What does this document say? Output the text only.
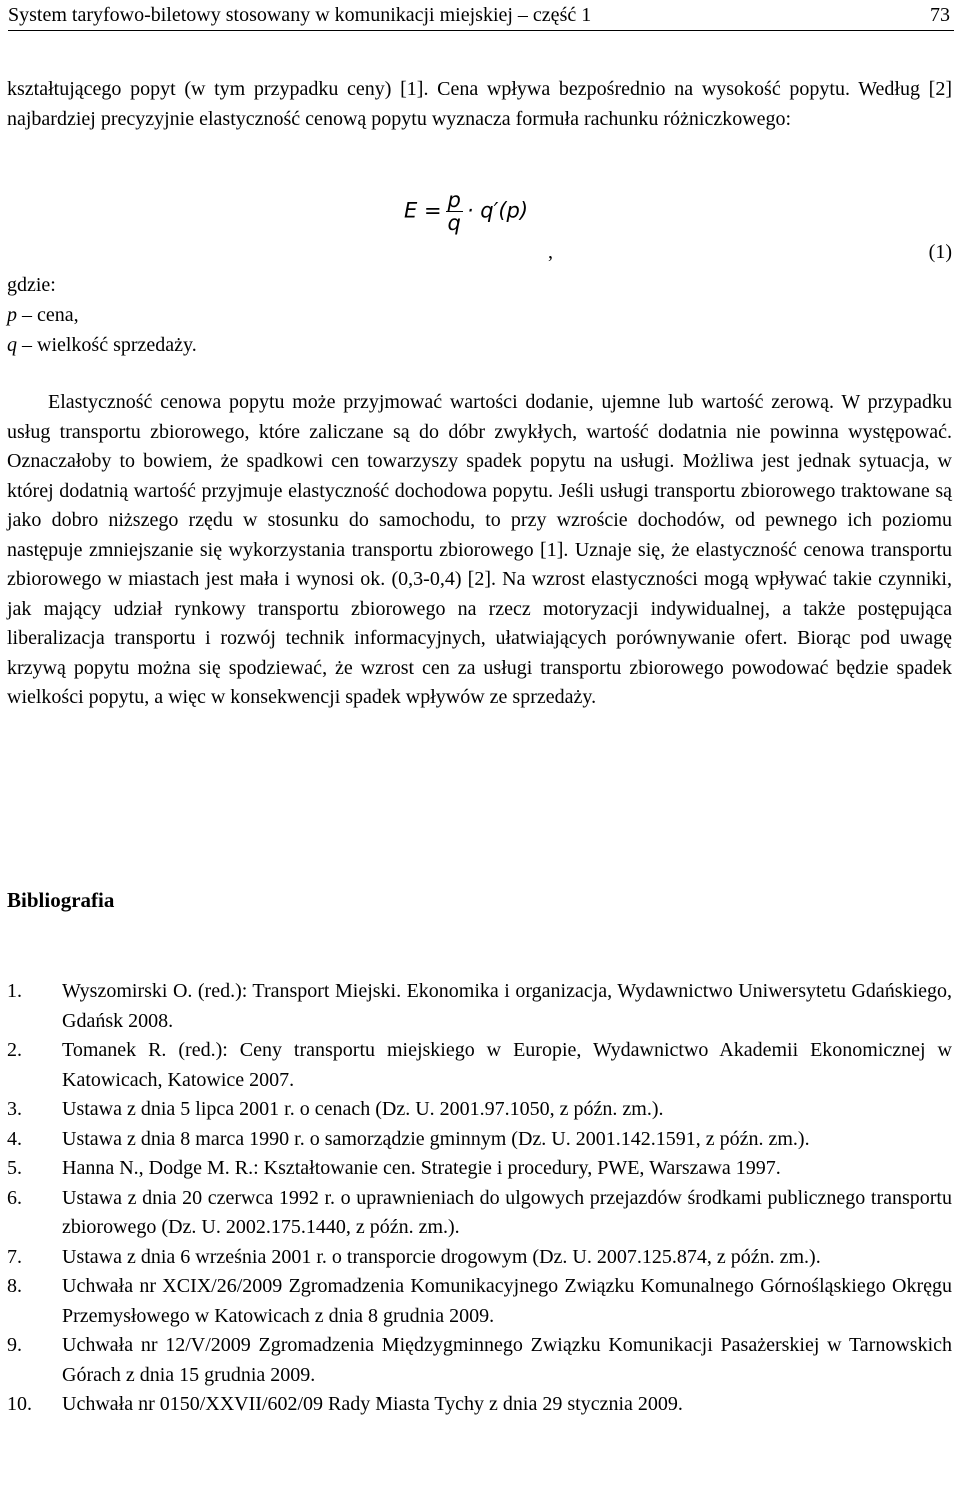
System taryfowo-biletowy stosowany w komunikacji miejskiej – część 1	73

kształtującego popyt (w tym przypadku ceny) [1]. Cena wpływa bezpośrednio na wysokość popytu. Według [2] najbardziej precyzyjnie elastyczność cenową popytu wyznacza formuła rachunku różniczkowego:

$E = \frac{p}{q} \cdot q'(p)$
,	(1)
gdzie:
p – cena,
q – wielkość sprzedaży.

Elastyczność cenowa popytu może przyjmować wartości dodanie, ujemne lub wartość zerową. W przypadku usług transportu zbiorowego, które zaliczane są do dóbr zwykłych, wartość dodatnia nie powinna występować. Oznaczałoby to bowiem, że spadkowi cen towarzyszy spadek popytu na usługi. Możliwa jest jednak sytuacja, w której dodatnią wartość przyjmuje elastyczność dochodowa popytu. Jeśli usługi transportu zbiorowego traktowane są jako dobro niższego rzędu w stosunku do samochodu, to przy wzroście dochodów, od pewnego ich poziomu następuje zmniejszanie się wykorzystania transportu zbiorowego [1]. Uznaje się, że elastyczność cenowa transportu zbiorowego w miastach jest mała i wynosi ok. (0,3-0,4) [2]. Na wzrost elastyczności mogą wpływać takie czynniki, jak mający udział rynkowy transportu zbiorowego na rzecz motoryzacji indywidualnej, a także postępująca liberalizacja transportu i rozwój technik informacyjnych, ułatwiających porównywanie ofert. Biorąc pod uwagę krzywą popytu można się spodziewać, że wzrost cen za usługi transportu zbiorowego powodować będzie spadek wielkości popytu, a więc w konsekwencji spadek wpływów ze sprzedaży.

Bibliografia
1. Wyszomirski O. (red.): Transport Miejski. Ekonomika i organizacja, Wydawnictwo Uniwersytetu Gdańskiego, Gdańsk 2008.
2. Tomanek R. (red.): Ceny transportu miejskiego w Europie, Wydawnictwo Akademii Ekonomicznej w Katowicach, Katowice 2007.
3. Ustawa z dnia 5 lipca 2001 r. o cenach (Dz. U. 2001.97.1050, z późn. zm.).
4. Ustawa z dnia 8 marca 1990 r. o samorządzie gminnym (Dz. U. 2001.142.1591, z późn. zm.).
5. Hanna N., Dodge M. R.: Kształtowanie cen. Strategie i procedury, PWE, Warszawa 1997.
6. Ustawa z dnia 20 czerwca 1992 r. o uprawnieniach do ulgowych przejazdów środkami publicznego transportu zbiorowego (Dz. U. 2002.175.1440, z późn. zm.).
7. Ustawa z dnia 6 września 2001 r. o transporcie drogowym (Dz. U. 2007.125.874, z późn. zm.).
8. Uchwała nr XCIX/26/2009 Zgromadzenia Komunikacyjnego Związku Komunalnego Górnośląskiego Okręgu Przemysłowego w Katowicach z dnia 8 grudnia 2009.
9. Uchwała nr 12/V/2009 Zgromadzenia Międzygminnego Związku Komunikacji Pasażerskiej w Tarnowskich Górach z dnia 15 grudnia 2009.
10. Uchwała nr 0150/XXVII/602/09 Rady Miasta Tychy z dnia 29 stycznia 2009.
